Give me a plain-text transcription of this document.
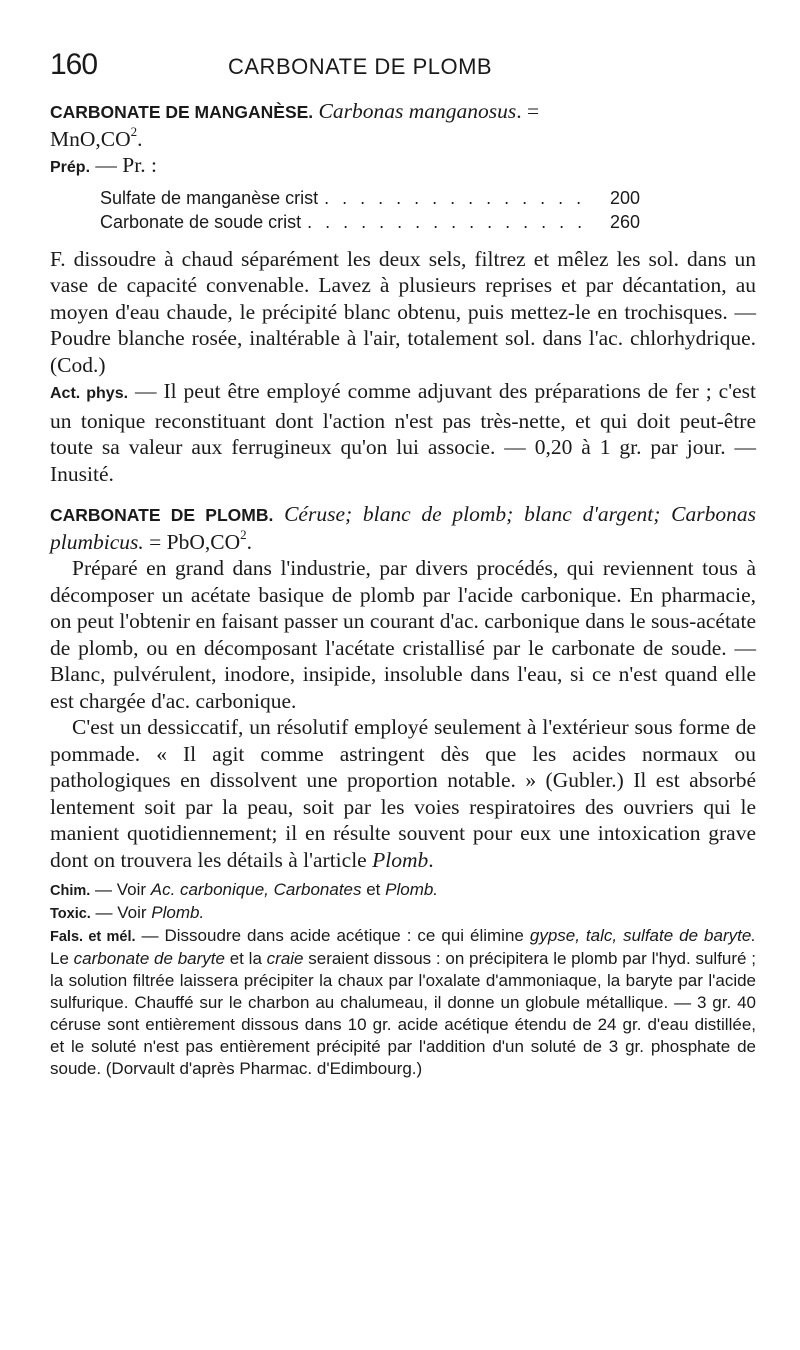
160	CARBONATE DE PLOMB

CARBONATE DE MANGANÈSE. Carbonas manganosus. =
$MnO,CO^2$.

Prép. — Pr. :

Sulfate de manganèse crist . . .	200
Carbonate de soude crist . . .	260

F. dissoudre à chaud séparément les deux sels, filtrez et mêlez les sol. dans un vase de capacité convenable. Lavez à plusieurs reprises et par décantation, au moyen d'eau chaude, le précipité blanc obtenu, puis mettez-le en trochisques. — Poudre blanche rosée, inaltérable à l'air, totalement sol. dans l'ac. chlorhydrique. (Cod.)

Act. phys. — Il peut être employé comme adjuvant des préparations de fer ; c'est un tonique reconstituant dont l'action n'est pas très-nette, et qui doit peut-être toute sa valeur aux ferrugineux qu'on lui associe. — 0,20 à 1 gr. par jour. — Inusité.

CARBONATE DE PLOMB. Céruse; blanc de plomb; blanc d'argent; Carbonas plumbicus. = $PbO,CO^2$.

Préparé en grand dans l'industrie, par divers procédés, qui reviennent tous à décomposer un acétate basique de plomb par l'acide carbonique. En pharmacie, on peut l'obtenir en faisant passer un courant d'ac. carbonique dans le sous-acétate de plomb, ou en décomposant l'acétate cristallisé par le carbonate de soude. — Blanc, pulvérulent, inodore, insipide, insoluble dans l'eau, si ce n'est quand elle est chargée d'ac. carbonique.

C'est un dessiccatif, un résolutif employé seulement à l'extérieur sous forme de pommade. « Il agit comme astringent dès que les acides normaux ou pathologiques en dissolvent une proportion notable. » (Gubler.) Il est absorbé lentement soit par la peau, soit par les voies respiratoires des ouvriers qui le manient quotidiennement; il en résulte souvent pour eux une intoxication grave dont on trouvera les détails à l'article Plomb.

Chim. — Voir Ac. carbonique, Carbonates et Plomb.

Toxic. — Voir Plomb.

Fals. et mél. — Dissoudre dans acide acétique : ce qui élimine gypse, talc, sulfate de baryte. Le carbonate de baryte et la craie seraient dissous : on précipitera le plomb par l'hyd. sulfuré ; la solution filtrée laissera précipiter la chaux par l'oxalate d'ammoniaque, la baryte par l'acide sulfurique. Chauffé sur le charbon au chalumeau, il donne un globule métallique. — 3 gr. 40 céruse sont entièrement dissous dans 10 gr. acide acétique étendu de 24 gr. d'eau distillée, et le soluté n'est pas entièrement précipité par l'addition d'un soluté de 3 gr. phosphate de soude. (Dorvault d'après Pharmac. d'Edimbourg.)
